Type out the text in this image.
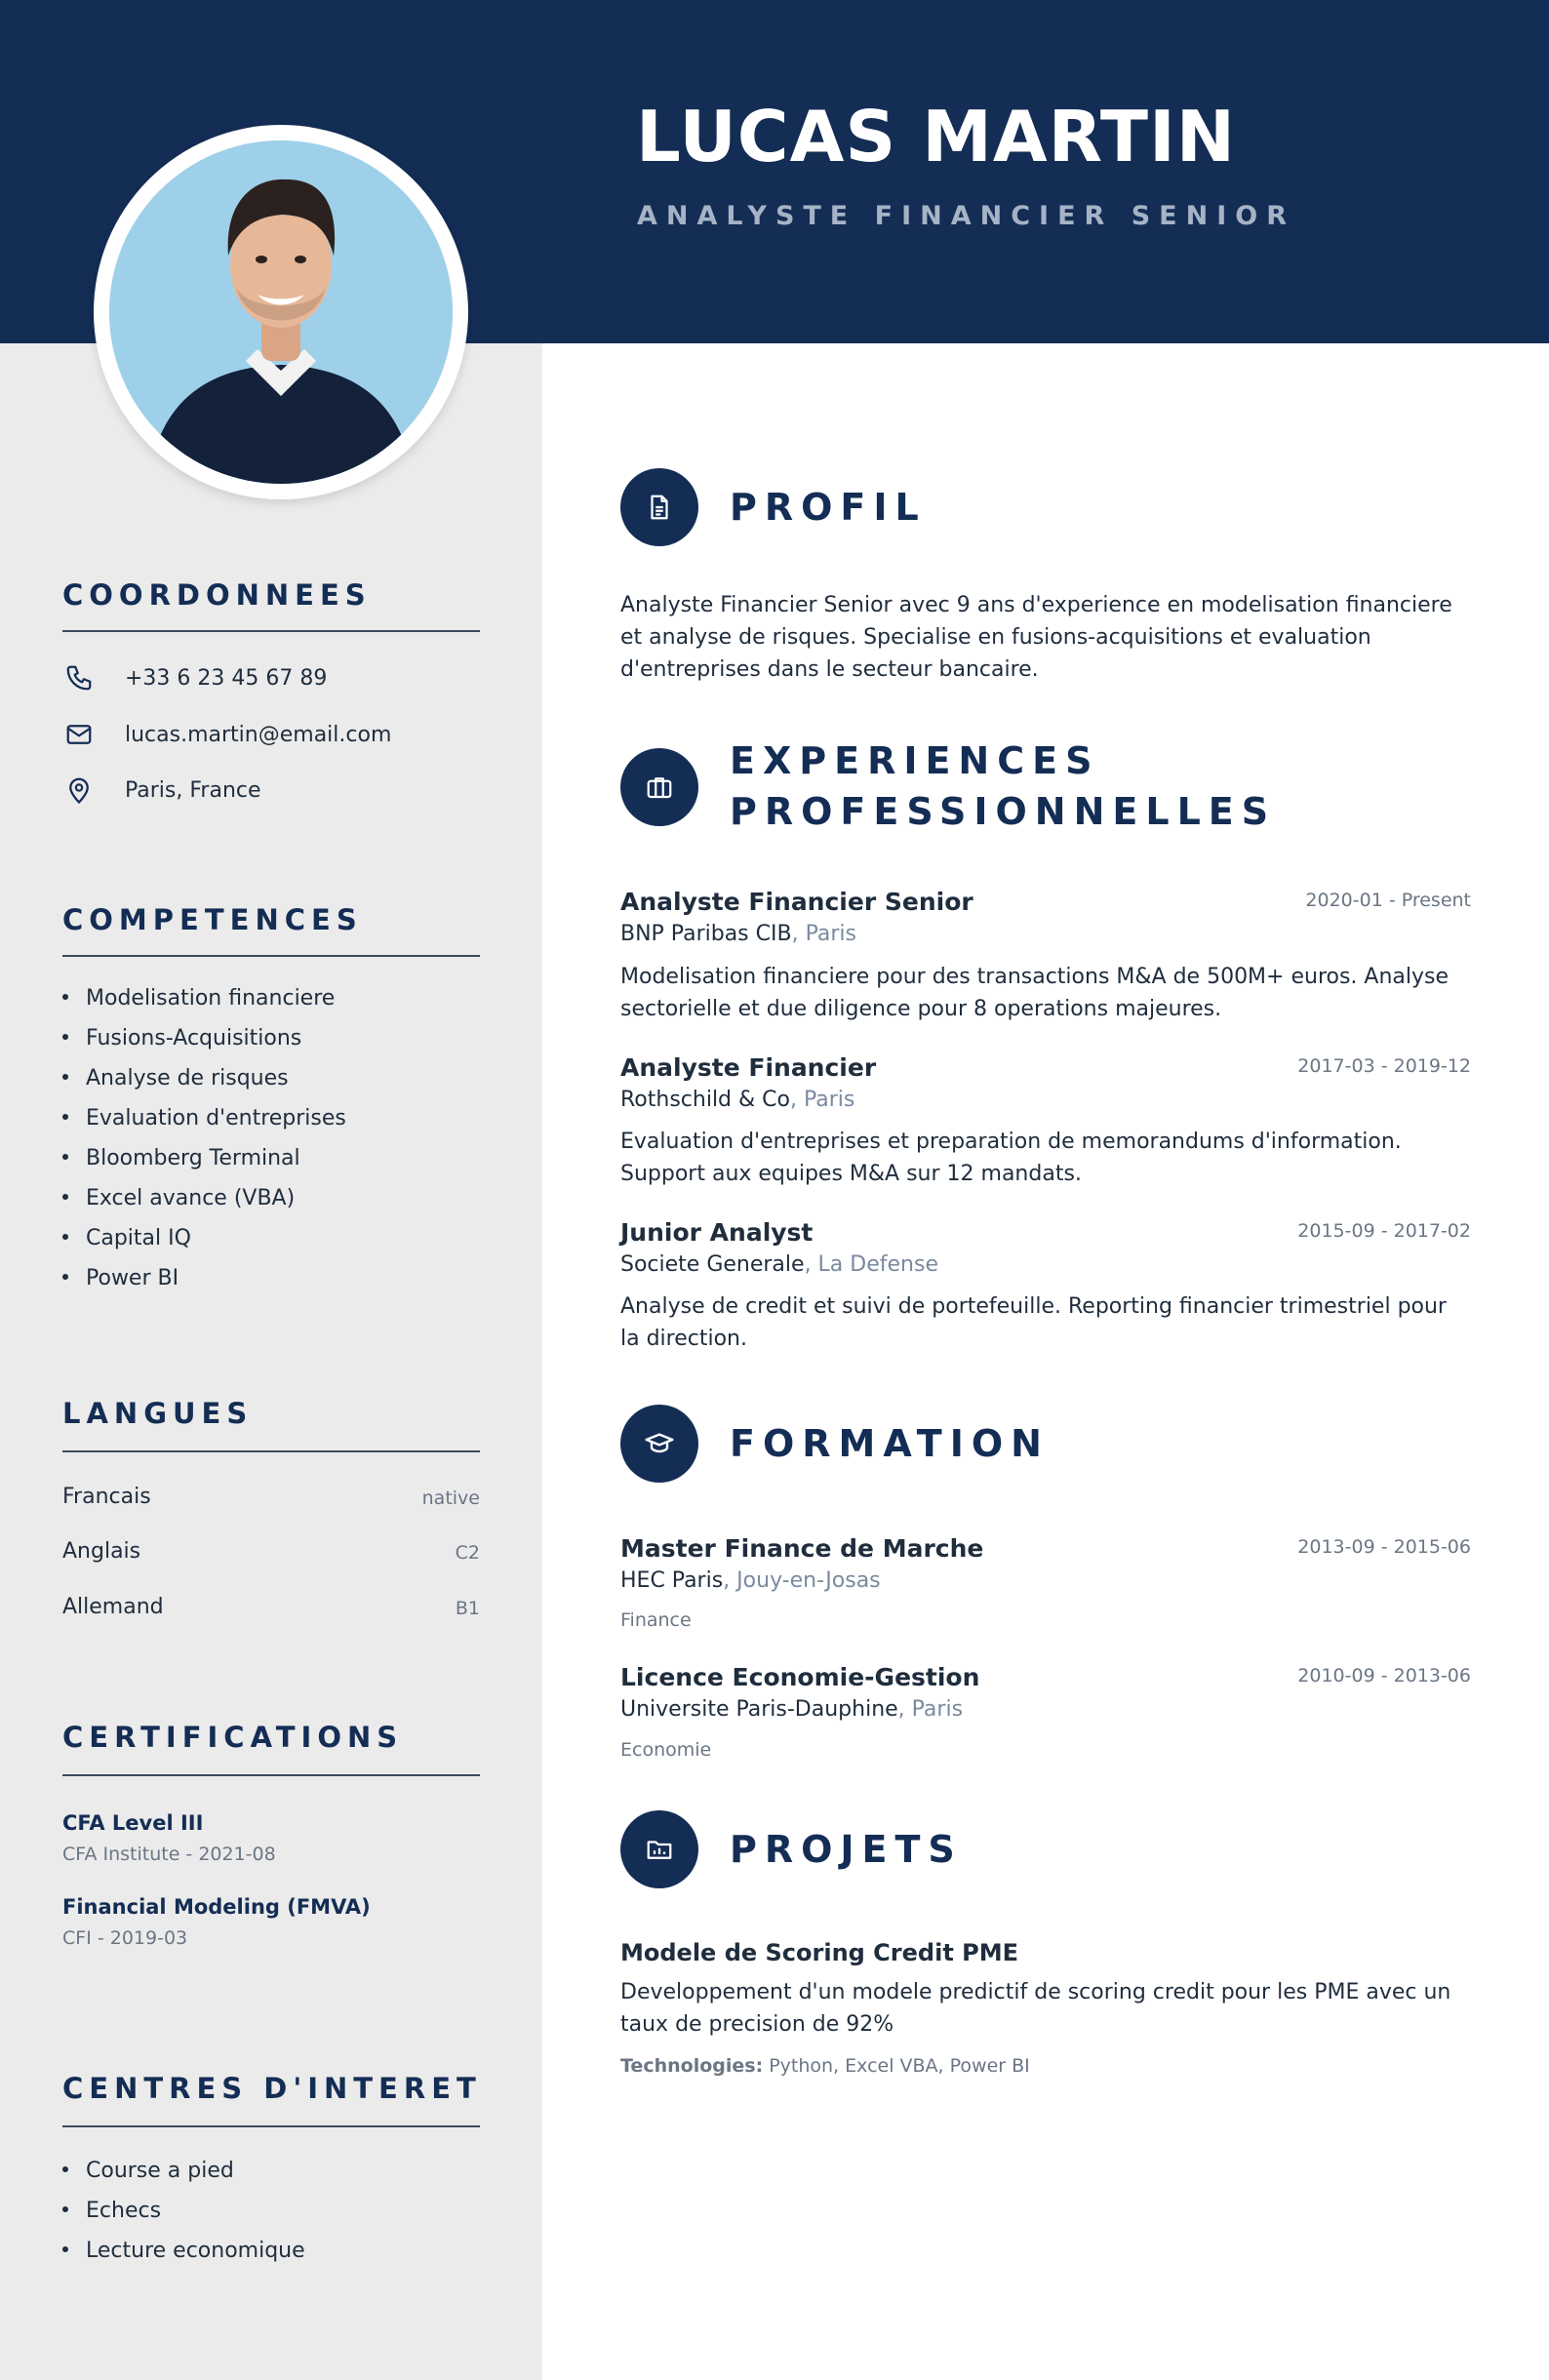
LUCAS MARTIN
ANALYSTE FINANCIER SENIOR
COORDONNEES
+33 6 23 45 67 89
lucas.martin@email.com
Paris, France
COMPETENCES
Modelisation financiere
Fusions-Acquisitions
Analyse de risques
Evaluation d'entreprises
Bloomberg Terminal
Excel avance (VBA)
Capital IQ
Power BI
LANGUES
Francais	native
Anglais	C2
Allemand	B1
CERTIFICATIONS
CFA Level III
CFA Institute - 2021-08
Financial Modeling (FMVA)
CFI - 2019-03
CENTRES D'INTERET
Course a pied
Echecs
Lecture economique
PROFIL
Analyste Financier Senior avec 9 ans d'experience en modelisation financiere et analyse de risques. Specialise en fusions-acquisitions et evaluation d'entreprises dans le secteur bancaire.
EXPERIENCES
PROFESSIONNELLES
Analyste Financier Senior	2020-01 - Present
BNP Paribas CIB, Paris
Modelisation financiere pour des transactions M&A de 500M+ euros. Analyse sectorielle et due diligence pour 8 operations majeures.
Analyste Financier	2017-03 - 2019-12
Rothschild & Co, Paris
Evaluation d'entreprises et preparation de memorandums d'information. Support aux equipes M&A sur 12 mandats.
Junior Analyst	2015-09 - 2017-02
Societe Generale, La Defense
Analyse de credit et suivi de portefeuille. Reporting financier trimestriel pour la direction.
FORMATION
Master Finance de Marche	2013-09 - 2015-06
HEC Paris, Jouy-en-Josas
Finance
Licence Economie-Gestion	2010-09 - 2013-06
Universite Paris-Dauphine, Paris
Economie
PROJETS
Modele de Scoring Credit PME
Developpement d'un modele predictif de scoring credit pour les PME avec un taux de precision de 92%
Technologies: Python, Excel VBA, Power BI
